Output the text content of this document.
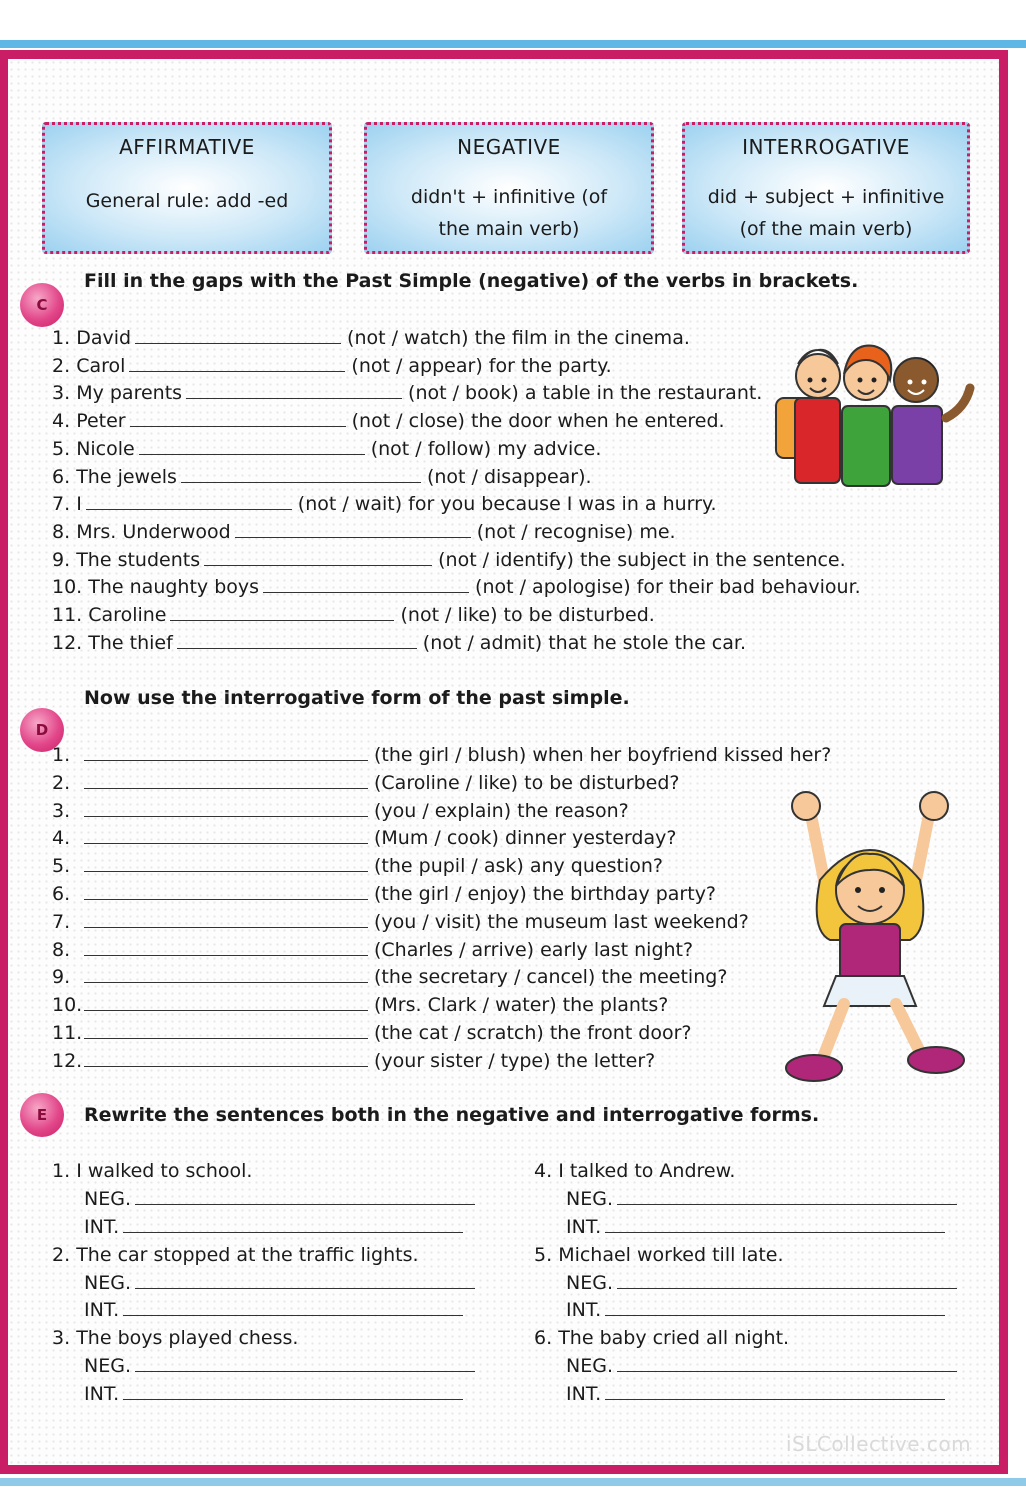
AFFIRMATIVE
General rule: add -ed
NEGATIVE
didn't + infinitive (of the main verb)
INTERROGATIVE
did + subject + infinitive (of the main verb)
C
Fill in the gaps with the Past Simple (negative) of the verbs in brackets.
1. David	(not / watch) the film in the cinema.
2. Carol	(not / appear) for the party.
3. My parents	(not / book) a table in the restaurant.
4. Peter	(not / close) the door when he entered.
5. Nicole	(not / follow) my advice.
6. The jewels	(not / disappear).
7. I	(not / wait) for you because I was in a hurry.
8. Mrs. Underwood	(not / recognise) me.
9. The students	(not / identify) the subject in the sentence.
10. The naughty boys	(not / apologise) for their bad behaviour.
11. Caroline	(not / like) to be disturbed.
12. The thief	(not / admit) that he stole the car.
D
Now use the interrogative form of the past simple.
1.	(the girl / blush) when her boyfriend kissed her?
2.	(Caroline / like) to be disturbed?
3.	(you / explain) the reason?
4.	(Mum / cook) dinner yesterday?
5.	(the pupil / ask) any question?
6.	(the girl / enjoy) the birthday party?
7.	(you / visit) the museum last weekend?
8.	(Charles / arrive) early last night?
9.	(the secretary / cancel) the meeting?
10.	(Mrs. Clark / water) the plants?
11.	(the cat / scratch) the front door?
12.	(your sister / type) the letter?
E	Rewrite the sentences both in the negative and interrogative forms.
1. I walked to school.
NEG.
INT.
2. The car stopped at the traffic lights.
NEG.
INT.
3. The boys played chess.
NEG.
INT.
4. I talked to Andrew.
NEG.
INT.
5. Michael worked till late.
NEG.
INT.
6. The baby cried all night.
NEG.
INT.
iSLCollective.com
